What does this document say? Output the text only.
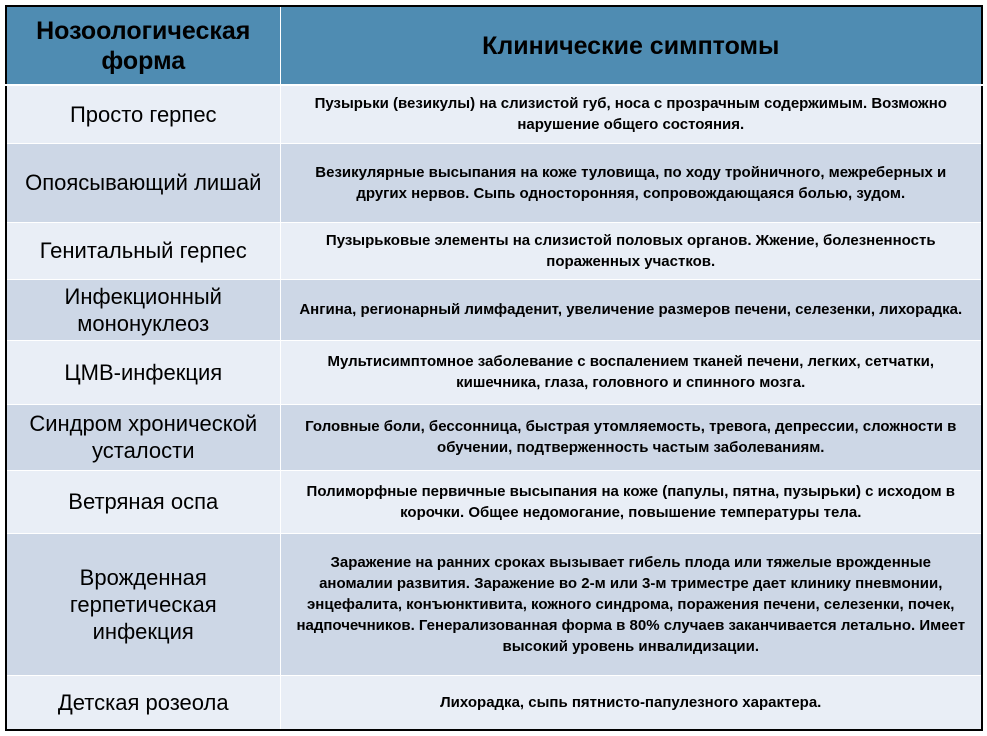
Нозоологическая форма	Клинические симптомы
Просто герпес	Пузырьки (везикулы) на слизистой губ, носа с прозрачным содержимым. Возможно нарушение общего состояния.
Опоясывающий лишай	Везикулярные высыпания на коже туловища, по ходу тройничного, межреберных и других нервов. Сыпь односторонняя, сопровождающаяся болью, зудом.
Генитальный герпес	Пузырьковые элементы на слизистой половых органов. Жжение, болезненность пораженных участков.
Инфекционный мононуклеоз	Ангина, регионарный лимфаденит, увеличение размеров печени, селезенки, лихорадка.
ЦМВ-инфекция	Мультисимптомное заболевание с воспалением тканей печени, легких, сетчатки, кишечника, глаза, головного и спинного мозга.
Синдром хронической усталости	Головные боли, бессонница, быстрая утомляемость, тревога, депрессии, сложности в обучении, подтверженность частым заболеваниям.
Ветряная оспа	Полиморфные первичные высыпания на коже (папулы, пятна, пузырьки) с исходом в корочки. Общее недомогание, повышение температуры тела.
Врожденная герпетическая инфекция	Заражение на ранних сроках вызывает гибель плода или тяжелые врожденные аномалии развития. Заражение во 2-м или 3-м триместре дает клинику пневмонии, энцефалита, конъюнктивита, кожного синдрома, поражения печени, селезенки, почек, надпочечников. Генерализованная форма в 80% случаев заканчивается летально. Имеет высокий уровень инвалидизации.
Детская розеола	Лихорадка, сыпь пятнисто-папулезного характера.
